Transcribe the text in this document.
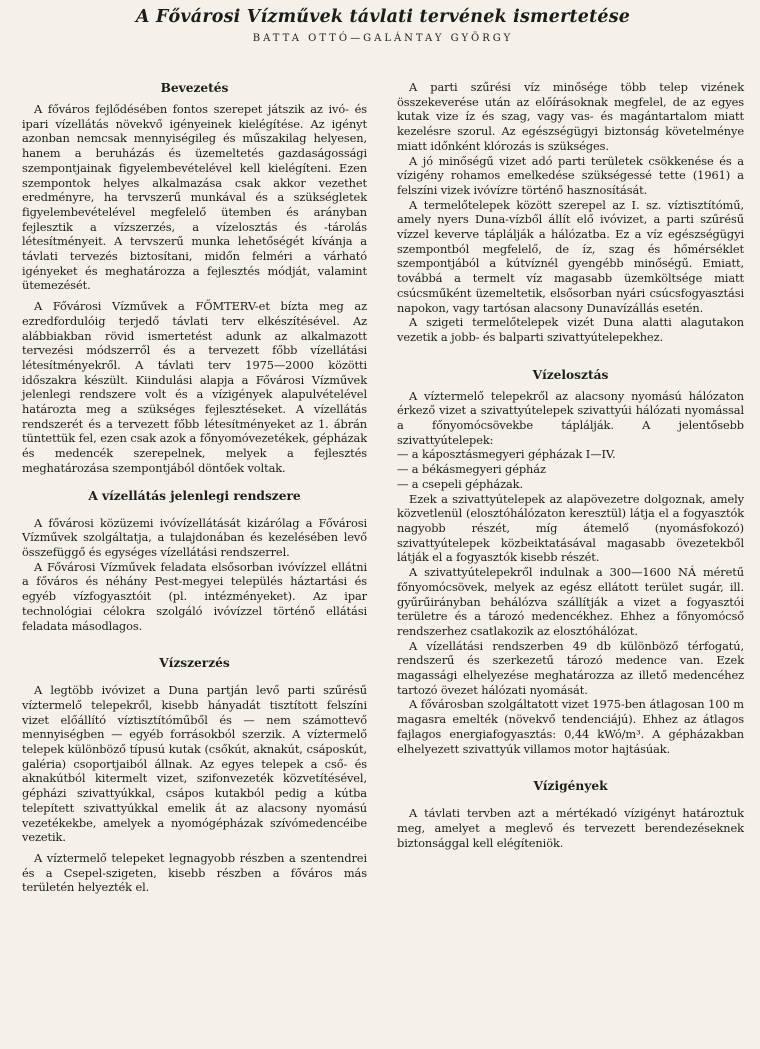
A Fővárosi Vízművek távlati tervének ismertetése
BATTA OTTÓ—GALÁNTAY GYÖRGY
Bevezetés

A főváros fejlődésében fontos szerepet játszik az ivó- és ipari vízellátás növekvő igényeinek kielégítése. Az igényt azonban nemcsak mennyiségileg és műszakilag helyesen, hanem a beruházás és üzemeltetés gazdaságossági szempontjainak figyelembevételével kell kielégíteni. Ezen szempontok helyes alkalmazása csak akkor vezethet eredményre, ha tervszerű munkával és a szükségletek figyelembevételével megfelelő ütemben és arányban fejlesztik a vízszerzés, a vízelosztás és -tárolás létesítményeit. A tervszerű munka lehetőségét kívánja a távlati tervezés biztosítani, midőn felméri a várható igényeket és meghatározza a fejlesztés módját, valamint ütemezését.

A Fővárosi Vízművek a FŐMTERV-et bízta meg az ezredfordulóig terjedő távlati terv elkészítésével. Az alábbiakban rövid ismertetést adunk az alkalmazott tervezési módszerről és a tervezett főbb vízellátási létesítményekről. A távlati terv 1975—2000 közötti időszakra készült. Kiindulási alapja a Fővárosi Vízművek jelenlegi rendszere volt és a vízigények alapulvételével határozta meg a szükséges fejlesztéseket. A vízellátás rendszerét és a tervezett főbb létesítményeket az 1. ábrán tüntettük fel, ezen csak azok a főnyomóvezetékek, gépházak és medencék szerepelnek, melyek a fejlesztés meghatározása szempontjából döntőek voltak.

A vízellátás jelenlegi rendszere

A fővárosi közüzemi ivóvízellátását kizárólag a Fővárosi Vízművek szolgáltatja, a tulajdonában és kezelésében levő összefüggő és egységes vízellátási rendszerrel.

A Fővárosi Vízművek feladata elsősorban ivóvízzel ellátni a főváros és néhány Pest-megyei település háztartási és egyéb vízfogyasztóit (pl. intézményeket). Az ipar technológiai célokra szolgáló ivóvízzel történő ellátási feladata másodlagos.

Vízszerzés

A legtöbb ivóvizet a Duna partján levő parti szűrésű víztermelő telepekről, kisebb hányadát tisztított felszíni vizet előállító víztisztítóműből és — nem számottevő mennyiségben — egyéb forrásokból szerzik. A víztermelő telepek különböző típusú kutak (csőkút, aknakút, csáposkút, galéria) csoportjaiból állnak. Az egyes telepek a cső- és aknakútból kitermelt vizet, szifonvezeték közvetítésével, gépházi szivattyúkkal, csápos kutakból pedig a kútba telepített szivattyúkkal emelik át az alacsony nyomású vezetékekbe, amelyek a nyomógépházak szívómedencéibe vezetik.

A víztermelő telepeket legnagyobb részben a szentendrei és a Csepel-szigeten, kisebb részben a főváros más területén helyezték el.

A parti szűrési víz minősége több telep vizének összekeverése után az előírásoknak megfelel, de az egyes kutak vize íz és szag, vagy vas- és magántartalom miatt kezelésre szorul. Az egészségügyi biztonság követelménye miatt időnként klórozás is szükséges.

A jó minőségű vizet adó parti területek csökkenése és a vízigény rohamos emelkedése szükségessé tette (1961) a felszíni vizek ivóvízre történő hasznosítását.

A termelőtelepek között szerepel az I. sz. víztisztítómű, amely nyers Duna-vízből állít elő ivóvizet, a parti szűrésű vízzel keverve táplálják a hálózatba. Ez a víz egészségügyi szempontból megfelelő, de íz, szag és hőmérséklet szempontjából a kútvíznél gyengébb minőségű. Emiatt, továbbá a termelt víz magasabb üzemköltsége miatt csúcsműként üzemeltetik, elsősorban nyári csúcsfogyasztási napokon, vagy tartósan alacsony Dunavízállás esetén.

A szigeti termelőtelepek vizét Duna alatti alagutakon vezetik a jobb- és balparti szivattyútelepekhez.

Vízelosztás

A víztermelő telepekről az alacsony nyomású hálózaton érkező vizet a szivattyútelepek szivattyúi hálózati nyomással a főnyomócsövekbe táplálják. A jelentősebb szivattyútelepek:

— a káposztásmegyeri gépházak I—IV.

— a békásmegyeri gépház

— a csepeli gépházak.

Ezek a szivattyútelepek az alapövezetre dolgoznak, amely közvetlenül (elosztóhálózaton keresztül) látja el a fogyasztók nagyobb részét, míg átemelő (nyomásfokozó) szivattyútelepek közbeiktatásával magasabb övezetekből látják el a fogyasztók kisebb részét.

A szivattyútelepekről indulnak a 300—1600 NÁ méretű főnyomócsövek, melyek az egész ellátott terület sugár, ill. gyűrűirányban behálózva szállítják a vizet a fogyasztói területre és a tározó medencékhez. Ehhez a főnyomócső rendszerhez csatlakozik az elosztóhálózat.

A vízellátási rendszerben 49 db különböző térfogatú, rendszerű és szerkezetű tározó medence van. Ezek magassági elhelyezése meghatározza az illető medencéhez tartozó övezet hálózati nyomását.

A fővárosban szolgáltatott vizet 1975-ben átlagosan 100 m magasra emelték (növekvő tendenciájú). Ehhez az átlagos fajlagos energiafogyasztás: 0,44 kWó/m³. A gépházakban elhelyezett szivattyúk villamos motor hajtásúak.

Vízigények

A távlati tervben azt a mértékadó vízigényt határoztuk meg, amelyet a meglevő és tervezett berendezéseknek biztonsággal kell elégíteniök.
